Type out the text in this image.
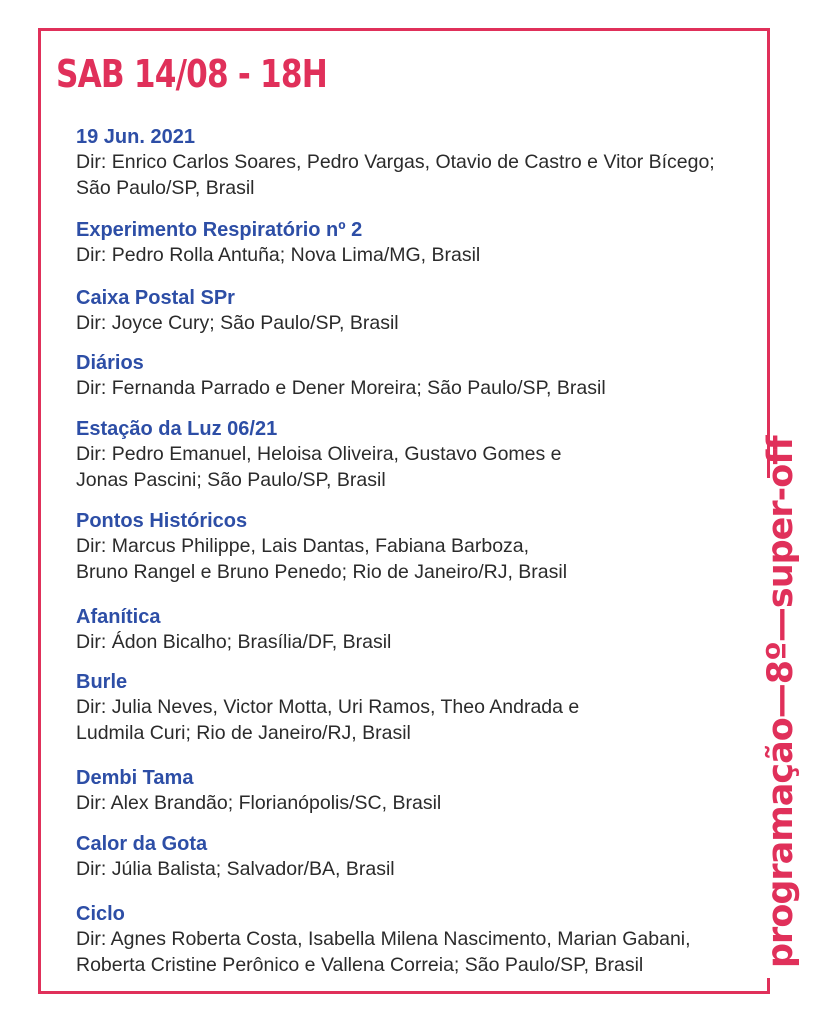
SAB 14/08 - 18H
19 Jun. 2021
Dir: Enrico Carlos Soares, Pedro Vargas, Otavio de Castro e Vitor Bícego;
São Paulo/SP, Brasil
Experimento Respiratório nº 2
Dir: Pedro Rolla Antuña; Nova Lima/MG, Brasil
Caixa Postal SPr
Dir: Joyce Cury; São Paulo/SP, Brasil
Diários
Dir: Fernanda Parrado e Dener Moreira; São Paulo/SP, Brasil
Estação da Luz 06/21
Dir: Pedro Emanuel, Heloisa Oliveira, Gustavo Gomes e
Jonas Pascini; São Paulo/SP, Brasil
Pontos Históricos
Dir: Marcus Philippe, Lais Dantas, Fabiana Barboza,
Bruno Rangel e Bruno Penedo; Rio de Janeiro/RJ, Brasil
Afanítica
Dir: Ádon Bicalho; Brasília/DF, Brasil
Burle
Dir: Julia Neves, Victor Motta, Uri Ramos, Theo Andrada e
Ludmila Curi; Rio de Janeiro/RJ, Brasil
Dembi Tama
Dir: Alex Brandão; Florianópolis/SC, Brasil
Calor da Gota
Dir: Júlia Balista; Salvador/BA, Brasil
Ciclo
Dir: Agnes Roberta Costa, Isabella Milena Nascimento, Marian Gabani,
Roberta Cristine Perônico e Vallena Correia; São Paulo/SP, Brasil	programação—8º—super-off
